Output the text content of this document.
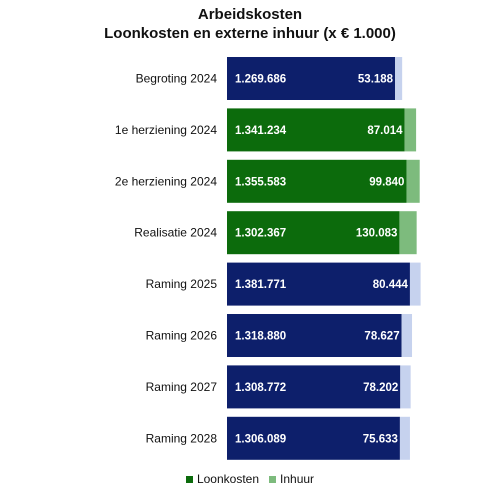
Arbeidskosten
Loonkosten en externe inhuur (x € 1.000)
Begroting 2024 1.269.686	53.188
1e herziening 2024 1.341.234	87.014
2e herziening 2024 1.355.583	99.840
Realisatie 2024 1.302.367	130.083
Raming 2025 1.381.771	80.444
Raming 2026 1.318.880	78.627
Raming 2027 1.308.772	78.202
Raming 2028 1.306.089	75.633
Loonkosten Inhuur
